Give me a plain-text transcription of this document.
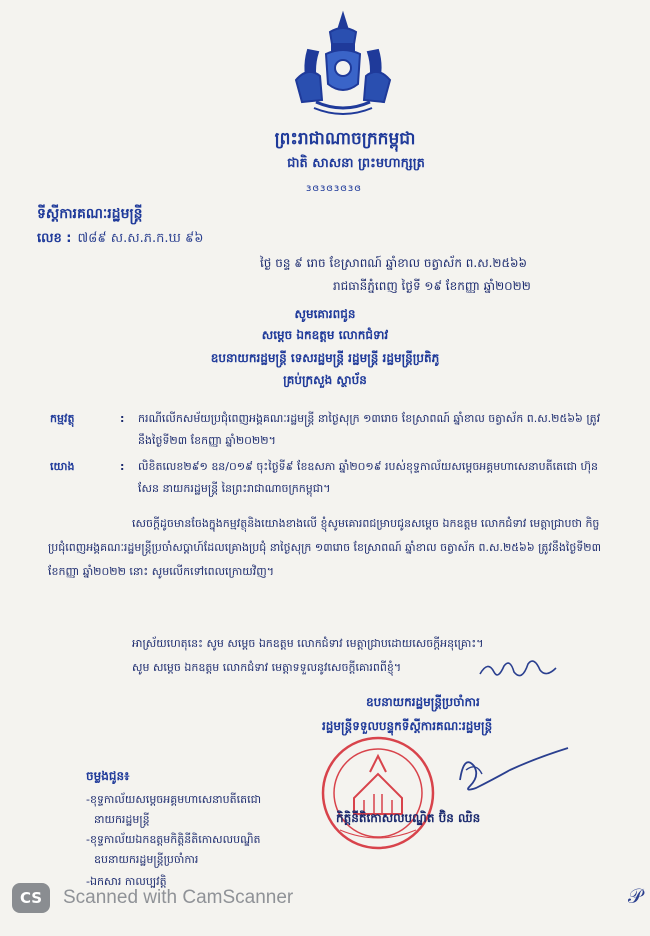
ព្រះរាជាណាចក្រកម្ពុជា
ជាតិ សាសនា ព្រះមហាក្សត្រ
ɜɞɜɞɜɞɜɞ
ទីស្តីការគណៈរដ្ឋមន្ត្រី
លេខ : ៧៨៩ ស.ស.ភ.ក.ឃ ៩៦
ថ្ងៃ ចន្ទ ៩ រោច ខែស្រាពណ៍ ឆ្នាំខាល ចត្វាស័ក ព.ស.២៥៦៦
រាជធានីភ្នំពេញ ថ្ងៃទី ១៩ ខែកញ្ញា ឆ្នាំ២០២២
សូមគោរពជូន
សម្តេច ឯកឧត្តម លោកជំទាវ
ឧបនាយករដ្ឋមន្ត្រី ទេសរដ្ឋមន្ត្រី រដ្ឋមន្ត្រី រដ្ឋមន្ត្រីប្រតិភូ
គ្រប់ក្រសួង ស្ថាប័ន
កម្មវត្ថុ	: ករណីលើកសម័យប្រជុំពេញអង្គគណៈរដ្ឋមន្ត្រី នាថ្ងៃសុក្រ ១៣រោច ខែស្រាពណ៍ ឆ្នាំខាល ចត្វាស័ក ព.ស.២៥៦៦ ត្រូវនឹងថ្ងៃទី២៣ ខែកញ្ញា ឆ្នាំ២០២២។
យោង	: លិខិតលេខ២៩១ ឧន/០១៩ ចុះថ្ងៃទី៩ ខែឧសភា ឆ្នាំ២០១៩ របស់ខុទ្ទកាល័យសម្តេចអគ្គមហាសេនាបតីតេជោ ហ៊ុន សែន នាយករដ្ឋមន្ត្រី នៃព្រះរាជាណាចក្រកម្ពុជា។
សេចក្តីដូចមានចែងក្នុងកម្មវត្ថុនិងយោងខាងលើ ខ្ញុំសូមគោរពជម្រាបជូនសម្តេច ឯកឧត្តម លោកជំទាវ មេត្តាជ្រាបថា កិច្ចប្រជុំពេញអង្គគណៈរដ្ឋមន្ត្រីប្រចាំសប្តាហ៍ដែលគ្រោងប្រជុំ នាថ្ងៃសុក្រ ១៣រោច ខែស្រាពណ៍ ឆ្នាំខាល ចត្វាស័ក ព.ស.២៥៦៦ ត្រូវនឹងថ្ងៃទី២៣ ខែកញ្ញា ឆ្នាំ២០២២ នោះ សូមលើកទៅពេលក្រោយវិញ។
អាស្រ័យហេតុនេះ សូម សម្តេច ឯកឧត្តម លោកជំទាវ មេត្តាជ្រាបដោយសេចក្តីអនុគ្រោះ។
សូម សម្តេច ឯកឧត្តម លោកជំទាវ មេត្តាទទួលនូវសេចក្តីគោរពពីខ្ញុំ។
ឧបនាយករដ្ឋមន្ត្រីប្រចាំការ
រដ្ឋមន្ត្រីទទួលបន្ទុកទីស្តីការគណៈរដ្ឋមន្ត្រី
កិត្តិនីតិកោសលបណ្ឌិត ប៊ិន ឈិន
ចម្លងជូន៖
-ខុទ្ទកាល័យសម្តេចអគ្គមហាសេនាបតីតេជោ
នាយករដ្ឋមន្ត្រី
-ខុទ្ទកាល័យឯកឧត្តមកិត្តិនីតិកោសលបណ្ឌិត
ឧបនាយករដ្ឋមន្ត្រីប្រចាំការ
-ឯកសារ កាលប្បវត្តិ
CS	Scanned with CamScanner	𝒫
